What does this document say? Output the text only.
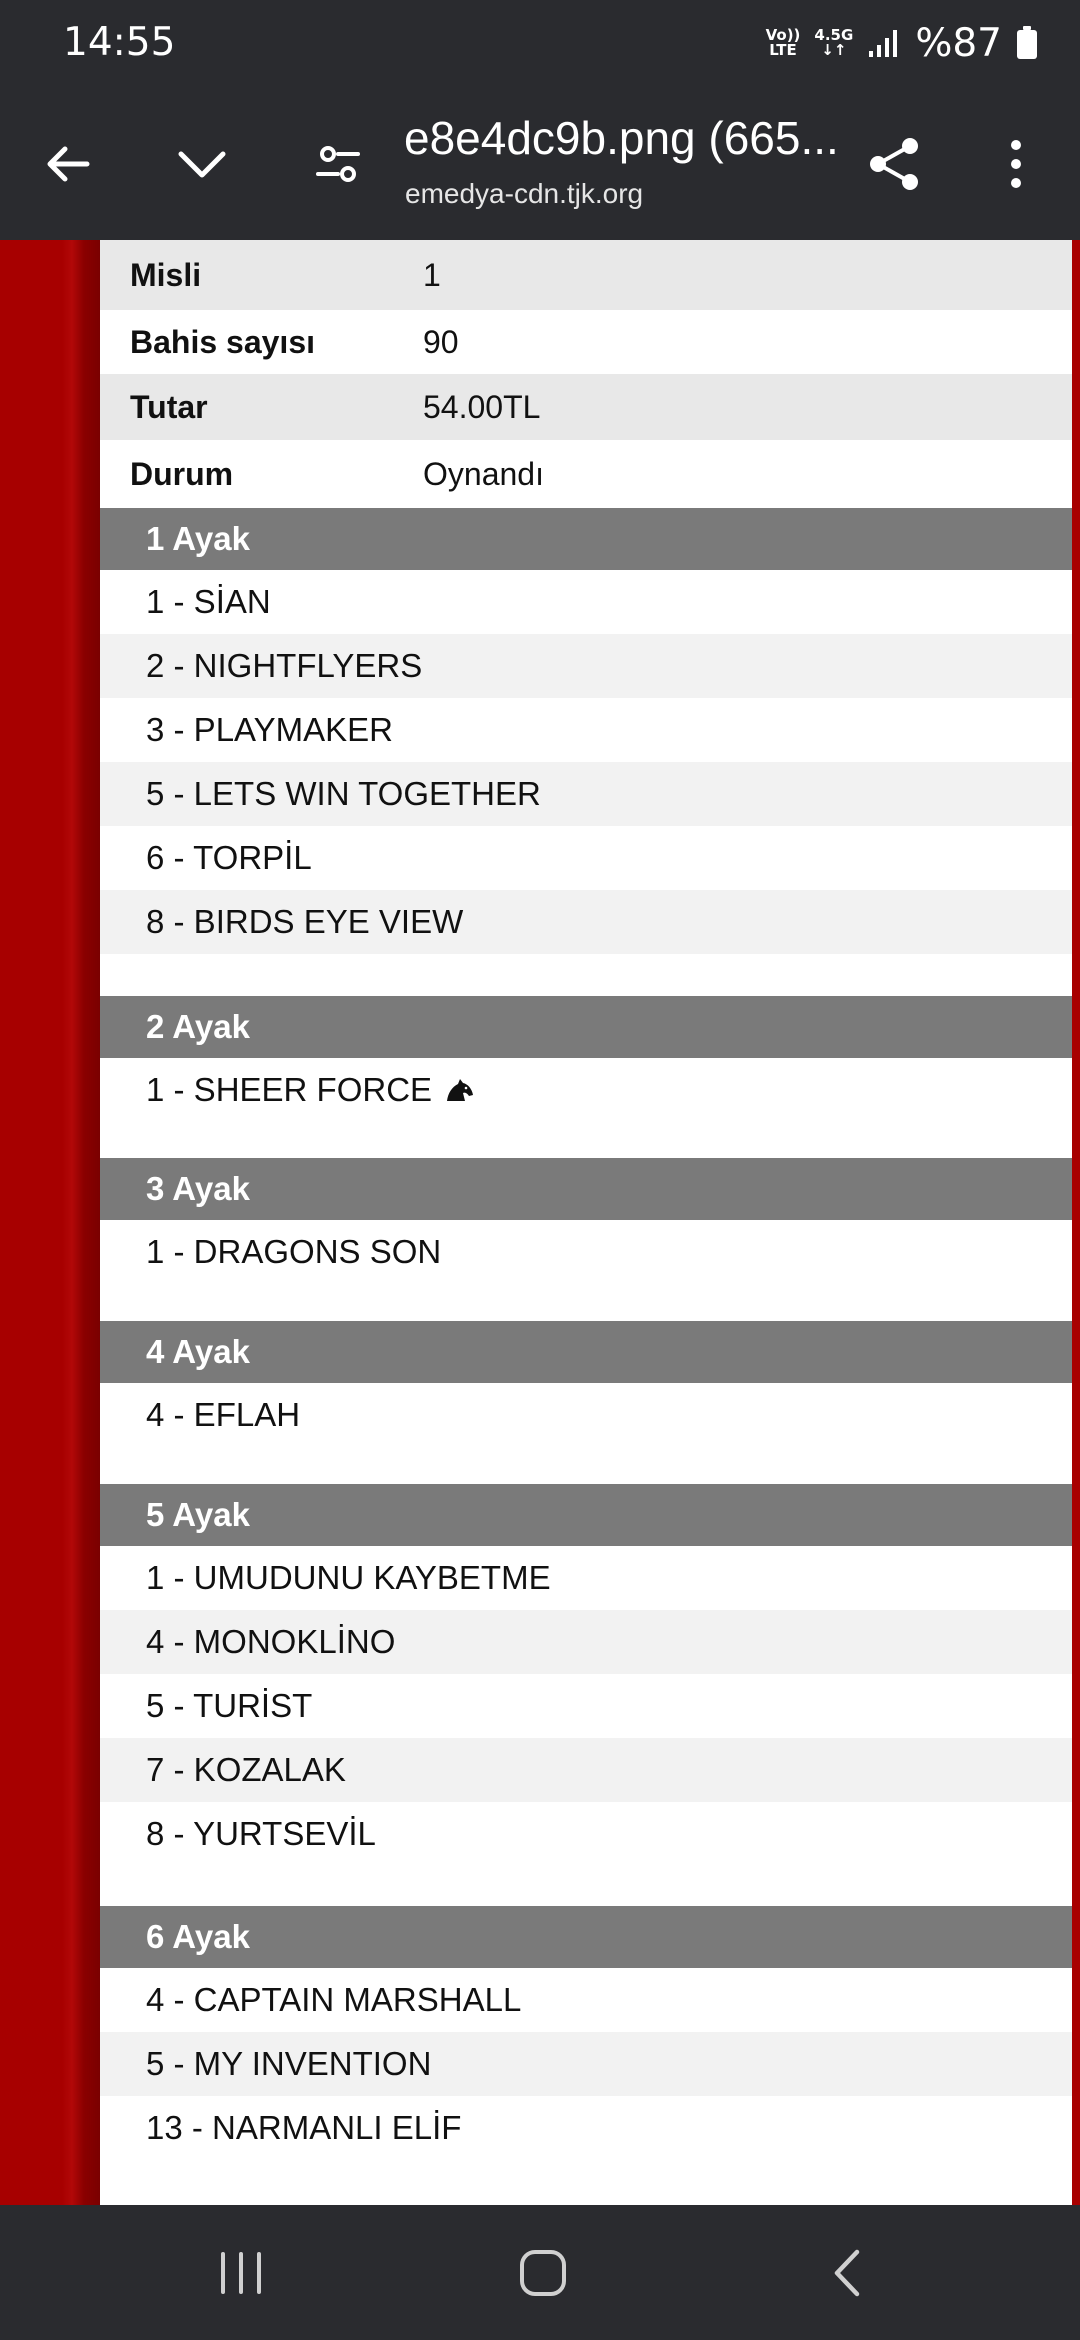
14:55	Vo))
LTE
4.5G
↓↑ %87
e8e4dc9b.png (665...
emedya-cdn.tjk.org
Misli	1
Bahis sayısı	90
Tutar	54.00TL
Durum	Oynandı
1 Ayak
1 - SİAN
2 - NIGHTFLYERS
3 - PLAYMAKER
5 - LETS WIN TOGETHER
6 - TORPİL
8 - BIRDS EYE VIEW
2 Ayak
1 - SHEER FORCE
3 Ayak
1 - DRAGONS SON
4 Ayak
4 - EFLAH
5 Ayak
1 - UMUDUNU KAYBETME
4 - MONOKLİNO
5 - TURİST
7 - KOZALAK
8 - YURTSEVİL
6 Ayak
4 - CAPTAIN MARSHALL
5 - MY INVENTION
13 - NARMANLI ELİF
